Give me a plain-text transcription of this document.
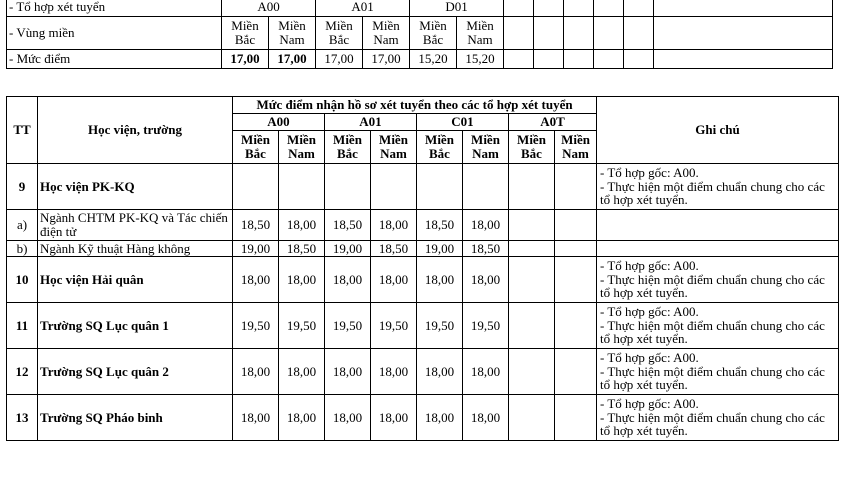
- Tổ hợp xét tuyển	A00		A01		D01							
- Vùng miền	Miền Bắc	Miền Nam	Miền Bắc	Miền Nam	Miền Bắc	Miền Nam						
- Mức điểm	17,00	17,00	17,00	17,00	15,20	15,20						
TT	Học viện, trường	Mức điểm nhận hồ sơ xét tuyển theo các tổ hợp xét tuyển								Ghi chú
		A00		A01		C01		A0T		
		Miền Bắc	Miền Nam	Miền Bắc	Miền Nam	Miền Bắc	Miền Nam	Miền Bắc	Miền Nam	
9	Học viện PK-KQ									- Tổ hợp gốc: A00.
- Thực hiện một điểm chuẩn chung cho các tổ hợp xét tuyển.

a)	Ngành CHTM PK-KQ và Tác chiến điện tử	18,50	18,00	18,50	18,00	18,50	18,00			
b)	Ngành Kỹ thuật Hàng không	19,00	18,50	19,00	18,50	19,00	18,50			
10	Học viện Hải quân	18,00	18,00	18,00	18,00	18,00	18,00			- Tổ hợp gốc: A00.
- Thực hiện một điểm chuẩn chung cho các tổ hợp xét tuyển.

11	Trường SQ Lục quân 1	19,50	19,50	19,50	19,50	19,50	19,50			- Tổ hợp gốc: A00.
- Thực hiện một điểm chuẩn chung cho các tổ hợp xét tuyển.

12	Trường SQ Lục quân 2	18,00	18,00	18,00	18,00	18,00	18,00			- Tổ hợp gốc: A00.
- Thực hiện một điểm chuẩn chung cho các tổ hợp xét tuyển.

13	Trường SQ Pháo binh	18,00	18,00	18,00	18,00	18,00	18,00			- Tổ hợp gốc: A00.
- Thực hiện một điểm chuẩn chung cho các tổ hợp xét tuyển.
